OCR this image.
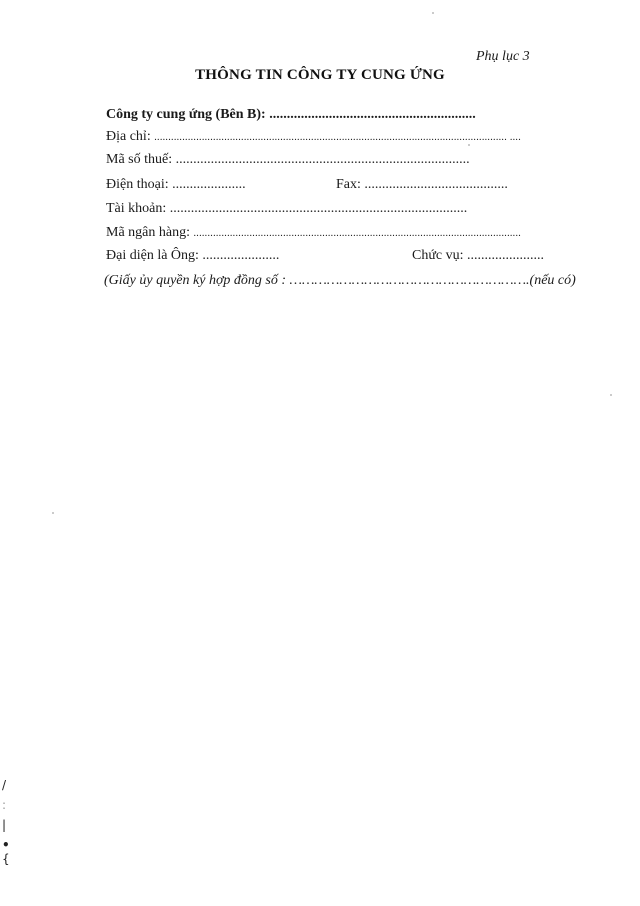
Phụ lục 3
THÔNG TIN CÔNG TY CUNG ỨNG
Công ty cung ứng (Bên B): ...........................................................
Địa chỉ: .............................................................................................................................. ....
Mã số thuế: ....................................................................................
Điện thoại: .....................	Fax: .........................................
Tài khoản: .....................................................................................
Mã ngân hàng: .....................................................................................................................
Đại diện là Ông: ......................	Chức vụ: ......................
(Giấy ủy quyền ký hợp đồng số : ………………………………………………….(nếu có)
/
:
|
•
{
